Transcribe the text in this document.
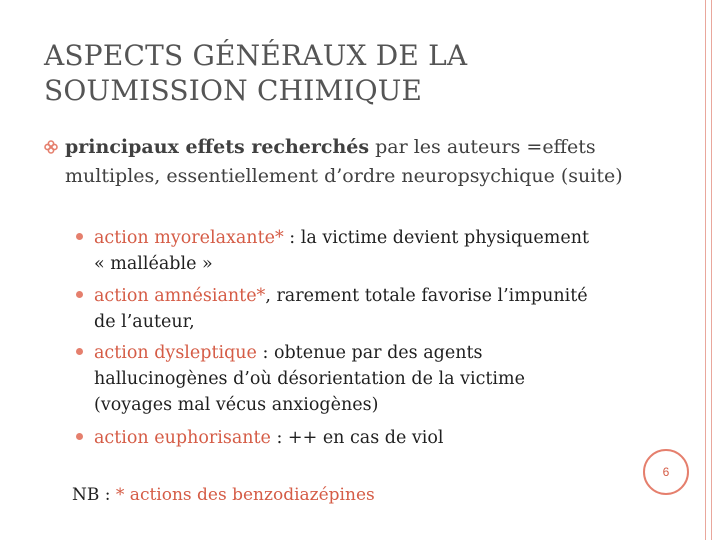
ASPECTS GÉNÉRAUX DE LA
SOUMISSION CHIMIQUE
principaux effets recherchés par les auteurs =effets multiples, essentiellement d’ordre neuropsychique (suite)
action myorelaxante* : la victime devient physiquement « malléable »
action amnésiante*, rarement totale favorise l’impunité de l’auteur,
action dysleptique : obtenue par des agents hallucinogènes d’où désorientation de la victime (voyages mal vécus anxiogènes)
action euphorisante : ++ en cas de viol
6
NB : * actions des benzodiazépines
